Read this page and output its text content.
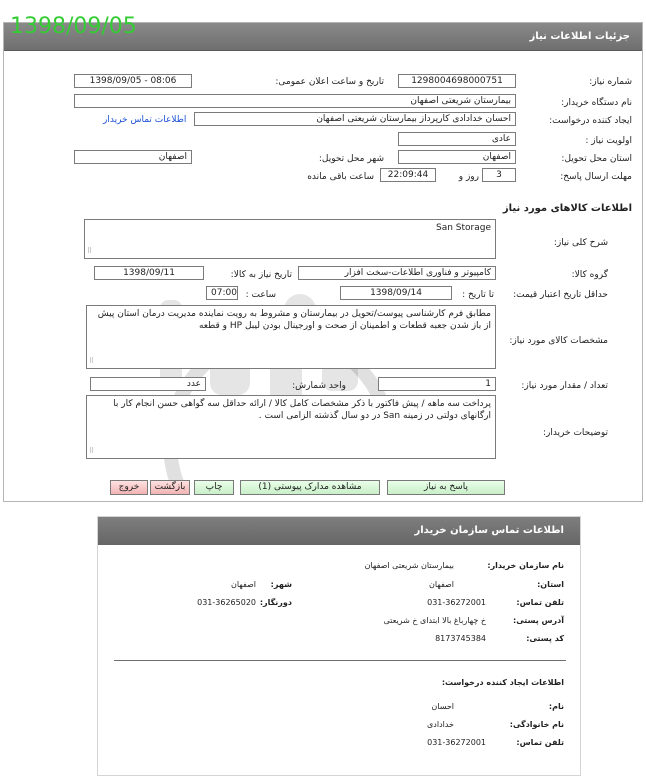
جزئیات اطلاعات نیاز
1398/09/05
شماره نیاز:
1298004698000751
تاریخ و ساعت اعلان عمومی:
1398/09/05 - 08:06
نام دستگاه خریدار:
بیمارستان شریعتی اصفهان
ایجاد کننده درخواست:
احسان خدادادی کارپرداز بیمارستان شریعتی اصفهان
اطلاعات تماس خریدار
اولویت نیاز :
عادی
استان محل تحویل:
اصفهان
شهر محل تحویل:
اصفهان
مهلت ارسال پاسخ:
3
روز و
22:09:44
ساعت باقی مانده
اطلاعات کالاهای مورد نیاز
شرح کلی نیاز:
San Storage
⠿
گروه کالا:
کامپیوتر و فناوری اطلاعات-سخت افزار
تاریخ نیاز به کالا:
1398/09/11
حداقل تاریخ اعتبار قیمت:
تا تاریخ :
1398/09/14
ساعت :
07:00
مشخصات کالای مورد نیاز:
مطابق فرم کارشناسی پیوست/تحویل در بیمارستان و مشروط به رویت نماینده مدیریت درمان استان پیش از باز شدن جعبه قطعات و اطمینان از صحت و اورجینال بودن لیبل HP و قطعه
⠿
تعداد / مقدار مورد نیاز:
1
واحد شمارش:
عدد
توضیحات خریدار:
پرداخت سه ماهه / پیش فاکتور با ذکر مشخصات کامل کالا / ارائه حداقل سه گواهی حسن انجام کار با ارگانهای دولتی در زمینه San در دو سال گذشته الزامی است .
⠿
پاسخ به نیاز
مشاهده مدارک پیوستی (1)
چاپ
بازگشت
خروج
اطلاعات تماس سازمان خریدار
نام سازمان خریدار:
بیمارستان شریعتی اصفهان
استان:
اصفهان
شهر:
اصفهان
تلفن تماس:
031-36272001
دورنگار:
031-36265020
آدرس پستی:
خ چهارباغ بالا ابتدای خ شریعتی
کد پستی:
8173745384
اطلاعات ایجاد کننده درخواست:
نام:
احسان
نام خانوادگی:
خدادادی
تلفن تماس:
031-36272001
